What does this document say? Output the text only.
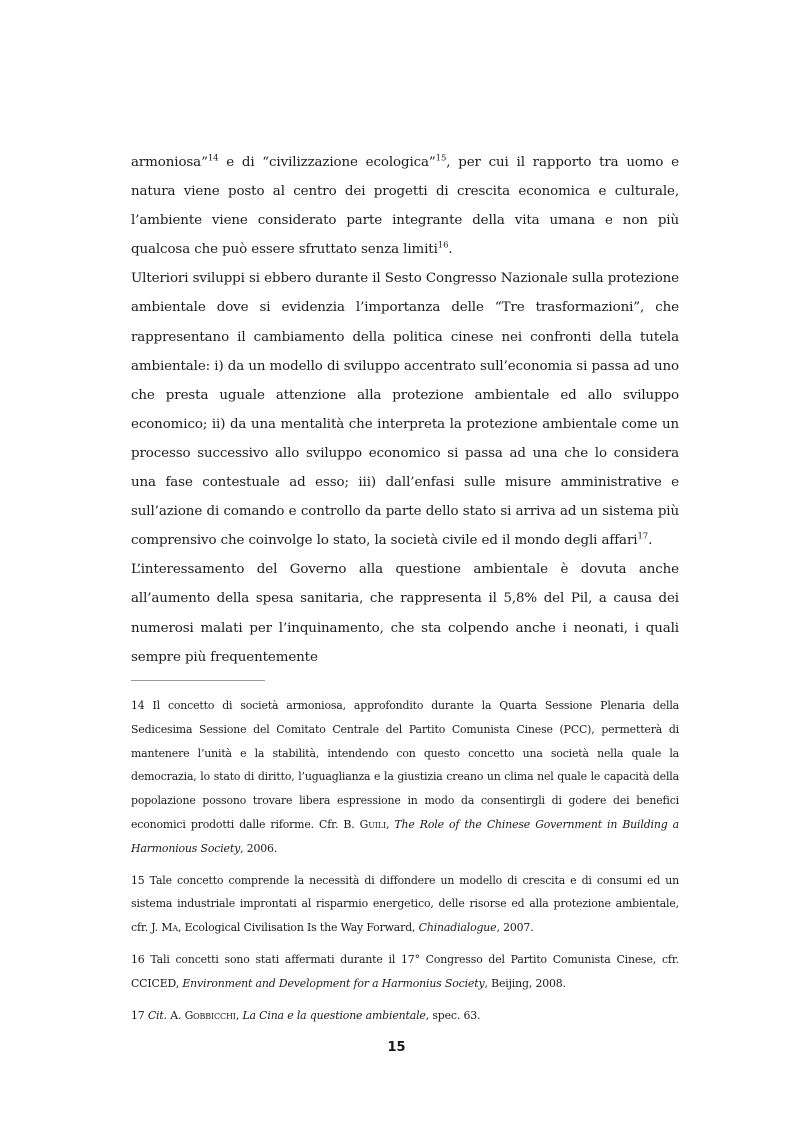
armoniosa”$^{14}$ e di “civilizzazione ecologica”$^{15}$, per cui il rapporto tra uomo e natura viene posto al centro dei progetti di crescita economica e culturale, l’ambiente viene considerato parte integrante della vita umana e non più qualcosa che può essere sfruttato senza limiti$^{16}$.

Ulteriori sviluppi si ebbero durante il Sesto Congresso Nazionale sulla protezione ambientale dove si evidenzia l’importanza delle “Tre trasformazioni”, che rappresentano il cambiamento della politica cinese nei confronti della tutela ambientale: i) da un modello di sviluppo accentrato sull’economia si passa ad uno che presta uguale attenzione alla protezione ambientale ed allo sviluppo economico; ii) da una mentalità che interpreta la protezione ambientale come un processo successivo allo sviluppo economico si passa ad una che lo considera una fase contestuale ad esso; iii) dall’enfasi sulle misure amministrative e sull’azione di comando e controllo da parte dello stato si arriva ad un sistema più comprensivo che coinvolge lo stato, la società civile ed il mondo degli affari$^{17}$.

L’interessamento del Governo alla questione ambientale è dovuta anche all’aumento della spesa sanitaria, che rappresenta il 5,8% del Pil, a causa dei numerosi malati per l’inquinamento, che sta colpendo anche i neonati, i quali sempre più frequentemente

14 Il concetto di società armoniosa, approfondito durante la Quarta Sessione Plenaria della Sedicesima Sessione del Comitato Centrale del Partito Comunista Cinese (PCC), permetterà di mantenere l’unità e la stabilità, intendendo con questo concetto una società nella quale la democrazia, lo stato di diritto, l’uguaglianza e la giustizia creano un clima nel quale le capacità della popolazione possono trovare libera espressione in modo da consentirgli di godere dei benefici economici prodotti dalle riforme. Cfr. B. Guili, The Role of the Chinese Government in Building a Harmonious Society, 2006.

15 Tale concetto comprende la necessità di diffondere un modello di crescita e di consumi ed un sistema industriale improntati al risparmio energetico, delle risorse ed alla protezione ambientale, cfr. J. Ma, Ecological Civilisation Is the Way Forward, Chinadialogue, 2007.

16 Tali concetti sono stati affermati durante il 17° Congresso del Partito Comunista Cinese, cfr. CCICED, Environment and Development for a Harmonius Society, Beijing, 2008.

17 Cit. A. Gobbicchi, La Cina e la questione ambientale, spec. 63.

15
